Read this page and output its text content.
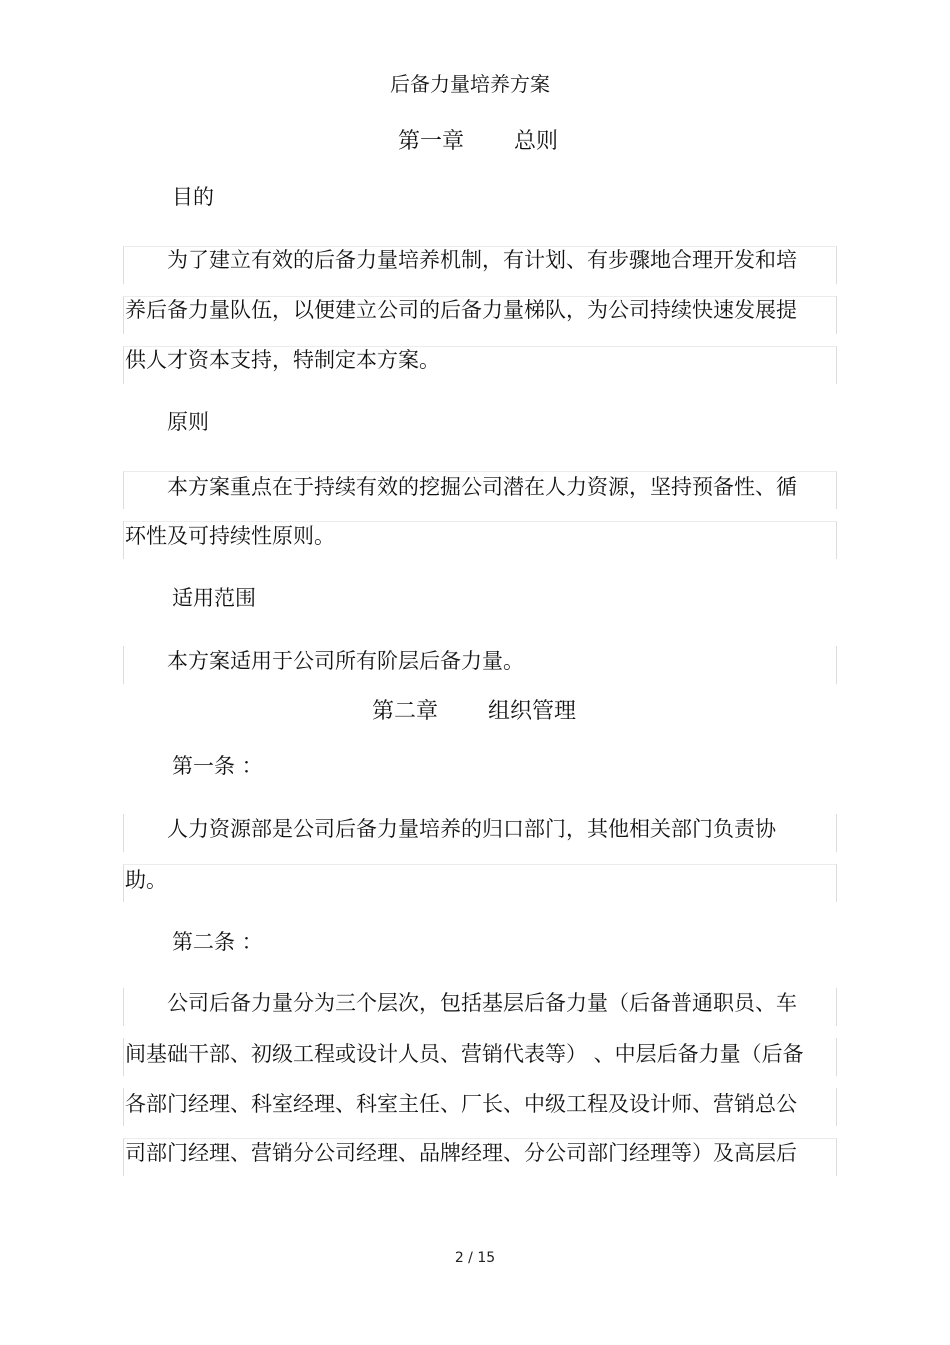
后备力量培养方案
第一章 总则
目的
为了建立有效的后备力量培养机制，有计划、有步骤地合理开发和培
养后备力量队伍，以便建立公司的后备力量梯队，为公司持续快速发展提
供人才资本支持，特制定本方案。
原则
本方案重点在于持续有效的挖掘公司潜在人力资源，坚持预备性、循
环性及可持续性原则。
适用范围
本方案适用于公司所有阶层后备力量。
第二章 组织管理
第一条 ：
人力资源部是公司后备力量培养的归口部门，其他相关部门负责协
助。
第二条 ：
公司后备力量分为三个层次，包括基层后备力量（后备普通职员、车
间基础干部、初级工程或设计人员、营销代表等） 、中层后备力量（后备
各部门经理、科室经理、科室主任、厂长、中级工程及设计师、营销总公
司部门经理、营销分公司经理、品牌经理、分公司部门经理等）及高层后
2 / 15
